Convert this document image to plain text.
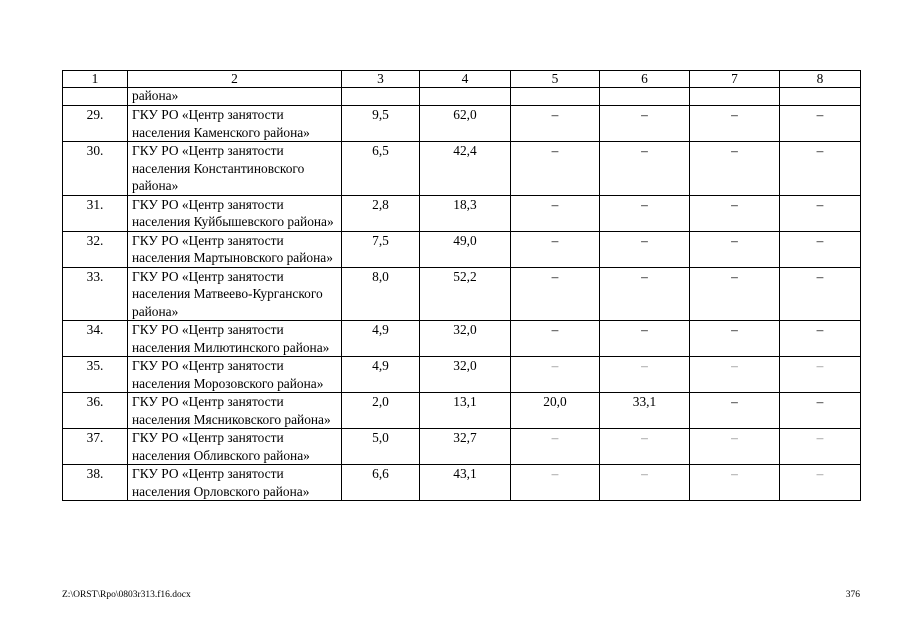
1	2	3	4	5	6	7	8
	района»						
29.	ГКУ РО «Центр занятости населения Каменского района»	9,5	62,0	–	–	–	–
30.	ГКУ РО «Центр занятости населения Константиновского района»	6,5	42,4	–	–	–	–
31.	ГКУ РО «Центр занятости населения Куйбышевского района»	2,8	18,3	–	–	–	–
32.	ГКУ РО «Центр занятости населения Мартыновского района»	7,5	49,0	–	–	–	–
33.	ГКУ РО «Центр занятости населения Матвеево-Курганского района»	8,0	52,2	–	–	–	–
34.	ГКУ РО «Центр занятости населения Милютинского района»	4,9	32,0	–	–	–	–
35.	ГКУ РО «Центр занятости населения Морозовского района»	4,9	32,0	–	–	–	–
36.	ГКУ РО «Центр занятости населения Мясниковского района»	2,0	13,1	20,0	33,1	–	–
37.	ГКУ РО «Центр занятости населения Обливского района»	5,0	32,7	–	–	–	–
38.	ГКУ РО «Центр занятости населения Орловского района»	6,6	43,1	–	–	–	–
Z:\ORST\Rpo\0803r313.f16.docx	376
